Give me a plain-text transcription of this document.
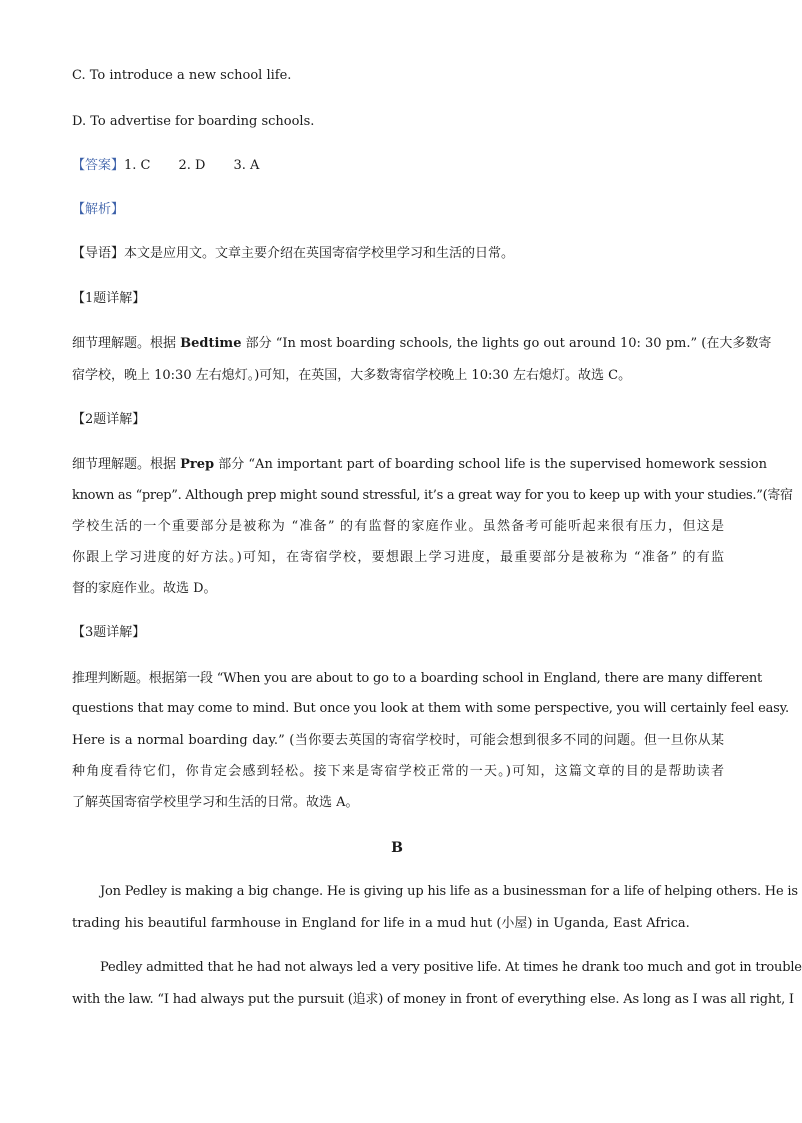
C. To introduce a new school life.
D. To advertise for boarding schools.
【答案】1. C 2. D 3. A
【解析】
【导语】本文是应用文。文章主要介绍在英国寄宿学校里学习和生活的日常。
【1题详解】
细节理解题。根据 Bedtime 部分 “In most boarding schools, the lights go out around 10: 30 pm.” (在大多数寄
宿学校，晚上 10:30 左右熄灯。)可知，在英国，大多数寄宿学校晚上 10:30 左右熄灯。故选 C。
【2题详解】
细节理解题。根据 Prep 部分 “An important part of boarding school life is the supervised homework session
known as “prep”. Although prep might sound stressful, it’s a great way for you to keep up with your studies.”(寄宿
学校生活的一个重要部分是被称为 “准备” 的有监督的家庭作业。虽然备考可能听起来很有压力，但这是
你跟上学习进度的好方法。)可知，在寄宿学校，要想跟上学习进度，最重要部分是被称为 “准备” 的有监
督的家庭作业。故选 D。
【3题详解】
推理判断题。根据第一段 “When you are about to go to a boarding school in England, there are many different
questions that may come to mind. But once you look at them with some perspective, you will certainly feel easy.
Here is a normal boarding day.” (当你要去英国的寄宿学校时，可能会想到很多不同的问题。但一旦你从某
种角度看待它们，你肯定会感到轻松。接下来是寄宿学校正常的一天。)可知，这篇文章的目的是帮助读者
了解英国寄宿学校里学习和生活的日常。故选 A。
B
Jon Pedley is making a big change. He is giving up his life as a businessman for a life of helping others. He is
trading his beautiful farmhouse in England for life in a mud hut (小屋) in Uganda, East Africa.
Pedley admitted that he had not always led a very positive life. At times he drank too much and got in trouble
with the law. “I had always put the pursuit (追求) of money in front of everything else. As long as I was all right, I
